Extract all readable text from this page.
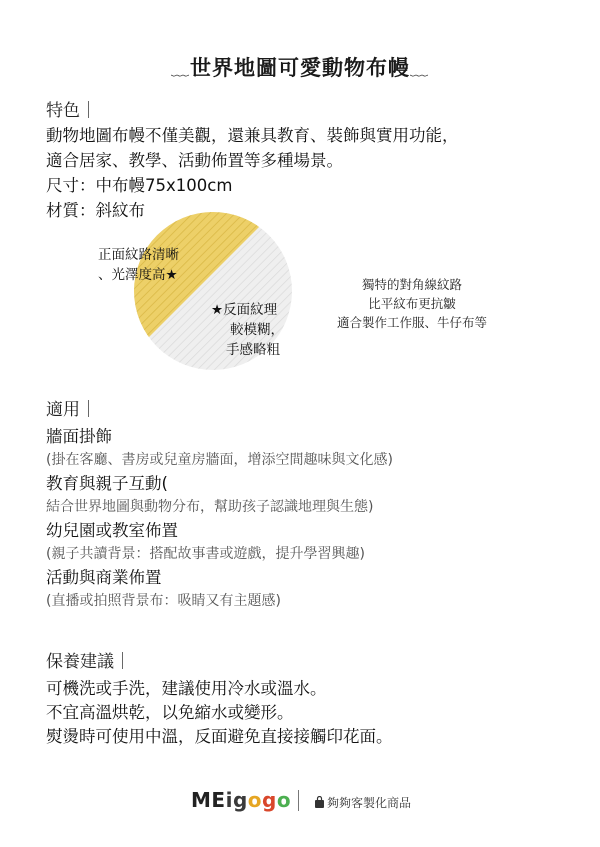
﹏世界地圖可愛動物布幔﹏
特色｜
動物地圖布幔不僅美觀，還兼具教育、裝飾與實用功能，
適合居家、教學、活動佈置等多種場景。
尺寸：中布幔75x100cm
材質：斜紋布
正面紋路清晰
、光澤度高★
★反面紋理
較模糊，
手感略粗
獨特的對角線紋路
比平紋布更抗皺
適合製作工作服、牛仔布等
適用｜
牆面掛飾
(掛在客廳、書房或兒童房牆面，增添空間趣味與文化感)
教育與親子互動(
結合世界地圖與動物分布，幫助孩子認識地理與生態)
幼兒園或教室佈置
(親子共讀背景：搭配故事書或遊戲，提升學習興趣)
活動與商業佈置
(直播或拍照背景布：吸睛又有主題感)
保養建議｜
可機洗或手洗，建議使用冷水或溫水。
不宜高溫烘乾，以免縮水或變形。
熨燙時可使用中溫，反面避免直接接觸印花面。
MEigogo	夠夠客製化商品
